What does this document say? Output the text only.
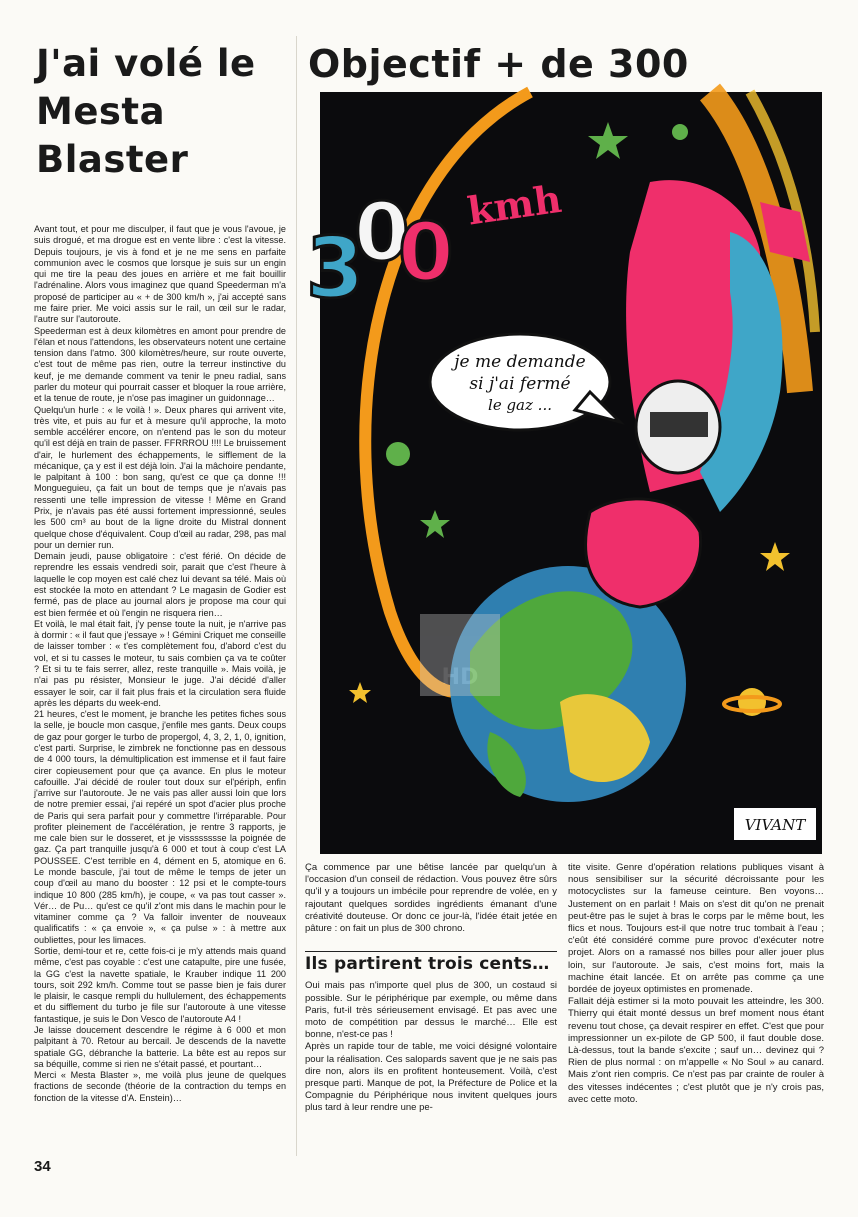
J'ai volé le Mesta Blaster
Objectif + de 300

Avant tout, et pour me disculper, il faut que je vous l'avoue, je suis drogué, et ma drogue est en vente libre : c'est la vitesse. Depuis toujours, je vis à fond et je ne me sens en parfaite communion avec le cosmos que lorsque je suis sur un engin qui me tire la peau des joues en arrière et me fait bouillir l'adrénaline. Alors vous imaginez que quand Speederman m'a proposé de participer au « + de 300 km/h », j'ai accepté sans me faire prier. Me voici assis sur le rail, un œil sur le radar, l'autre sur l'autoroute.

Speederman est à deux kilomètres en amont pour prendre de l'élan et nous l'attendons, les observateurs notent une certaine tension dans l'atmo. 300 kilomètres/heure, sur route ouverte, c'est tout de même pas rien, outre la terreur instinctive du keuf, je me demande comment va tenir le pneu radial, sans parler du moteur qui pourrait casser et bloquer la roue arrière, et la tenue de route, je n'ose pas imaginer un guidonnage…

Quelqu'un hurle : « le voilà ! ». Deux phares qui arrivent vite, très vite, et puis au fur et à mesure qu'il approche, la moto semble accélérer encore, on n'entend pas le son du moteur qu'il est déjà en train de passer. FFRRROU !!!! Le bruissement d'air, le hurlement des échappements, le sifflement de la mécanique, ça y est il est déjà loin. J'ai la mâchoire pendante, le palpitant à 100 : bon sang, qu'est ce que ça donne !!! Mongueguieu, ça fait un bout de temps que je n'avais pas ressenti une telle impression de vitesse ! Même en Grand Prix, je n'avais pas été aussi fortement impressionné, seules les 500 cm³ au bout de la ligne droite du Mistral donnent quelque chose d'équivalent. Coup d'œil au radar, 298, pas mal pour un dernier run.

Demain jeudi, pause obligatoire : c'est férié. On décide de reprendre les essais vendredi soir, parait que c'est l'heure à laquelle le cop moyen est calé chez lui devant sa télé. Mais où est stockée la moto en attendant ? Le magasin de Godier est fermé, pas de place au journal alors je propose ma cour qui est bien fermée et où l'engin ne risquera rien…

Et voilà, le mal était fait, j'y pense toute la nuit, je n'arrive pas à dormir : « il faut que j'essaye » ! Gémini Criquet me conseille de laisser tomber : « t'es complètement fou, d'abord c'est du vol, et si tu casses le moteur, tu sais combien ça va te coûter ? Et si tu te fais serrer, allez, reste tranquille ». Mais voilà, je n'ai pas pu résister, Monsieur le juge. J'ai décidé d'aller essayer le soir, car il fait plus frais et la circulation sera fluide après les départs du week-end.

21 heures, c'est le moment, je branche les petites fiches sous la selle, je boucle mon casque, j'enfile mes gants. Deux coups de gaz pour gorger le turbo de propergol, 4, 3, 2, 1, 0, ignition, c'est parti. Surprise, le zimbrek ne fonctionne pas en dessous de 4 000 tours, la démultiplication est immense et il faut faire cirer copieusement pour que ça avance. En plus le moteur cafouille. J'ai décidé de rouler tout doux sur el'périph, enfin j'arrive sur l'autoroute. Je ne vais pas aller aussi loin que lors de notre premier essai, j'ai repéré un spot d'acier plus proche de Paris qui sera parfait pour y commettre l'irréparable. Pour profiter pleinement de l'accélération, je rentre 3 rapports, je me cale bien sur le dosseret, et je visssssssse la poignée de gaz. Ça part tranquille jusqu'à 6 000 et tout à coup c'est LA POUSSEE. C'est terrible en 4, dément en 5, atomique en 6. Le monde bascule, j'ai tout de même le temps de jeter un coup d'œil au mano du booster : 12 psi et le compte-tours indique 10 800 (285 km/h), je coupe, « va pas tout casser ». Vér… de Pu… qu'est ce qu'il z'ont mis dans le machin pour le vitaminer comme ça ? Va falloir inventer de nouveaux qualificatifs : « ça envoie », « ça pulse » : à mettre aux oubliettes, pour les limaces.

Sortie, demi-tour et re, cette fois-ci je m'y attends mais quand même, c'est pas coyable : c'est une catapulte, pire une fusée, la GG c'est la navette spatiale, le Krauber indique 11 200 tours, soit 292 km/h. Comme tout se passe bien je fais durer le plaisir, le casque rempli du hullulement, des échappements et du sifflement du turbo je file sur l'autoroute à une vitesse fantastique, je suis le Don Vesco de l'autoroute A4 !

Je laisse doucement descendre le régime à 6 000 et mon palpitant à 70. Retour au bercail. Je descends de la navette spatiale GG, débranche la batterie. La bête est au repos sur sa béquille, comme si rien ne s'était passé, et pourtant…

Merci « Mesta Blaster », me voilà plus jeune de quelques fractions de seconde (théorie de la contraction du temps en fonction de la vitesse d'A. Enstein)…

3
0
0
kmh
je me demande
si j'ai fermé
le gaz ...
HD
VIVANT

Ça commence par une bêtise lancée par quelqu'un à l'occasion d'un conseil de rédaction. Vous pouvez être sûrs qu'il y a toujours un imbécile pour reprendre de volée, en y rajoutant quelques sordides ingrédients émanant d'une créativité douteuse. Or donc ce jour-là, l'idée était jetée en pâture : on fait un plus de 300 chrono.

Ils partirent trois cents…

Oui mais pas n'importe quel plus de 300, un costaud si possible. Sur le périphérique par exemple, ou même dans Paris, fut-il très sérieusement envisagé. Et pas avec une moto de compétition par dessus le marché… Elle est bonne, n'est-ce pas !

Après un rapide tour de table, me voici désigné volontaire pour la réalisation. Ces salopards savent que je ne sais pas dire non, alors ils en profitent honteusement. Voilà, c'est presque parti. Manque de pot, la Préfecture de Police et la Compagnie du Périphérique nous invitent quelques jours plus tard à leur rendre une pe-

tite visite. Genre d'opération relations publiques visant à nous sensibiliser sur la sécurité décroissante pour les motocyclistes sur la fameuse ceinture. Ben voyons… Justement on en parlait ! Mais on s'est dit qu'on ne prenait peut-être pas le sujet à bras le corps par le même bout, les flics et nous. Toujours est-il que notre truc tombait à l'eau ; c'eût été considéré comme pure provoc d'exécuter notre projet. Alors on a ramassé nos billes pour aller jouer plus loin, sur l'autoroute. Je sais, c'est moins fort, mais la machine était lancée. Et on arrête pas comme ça une bordée de joyeux optimistes en promenade.

Fallait déjà estimer si la moto pouvait les atteindre, les 300. Thierry qui était monté dessus un bref moment nous étant revenu tout chose, ça devait respirer en effet. C'est que pour impressionner un ex-pilote de GP 500, il faut double dose. Là-dessus, tout la bande s'excite ; sauf un… devinez qui ? Rien de plus normal : on m'appelle « No Soul » au canard. Mais z'ont rien compris. Ce n'est pas par crainte de rouler à des vitesses indécentes ; c'est plutôt que je n'y crois pas, avec cette moto.

34
